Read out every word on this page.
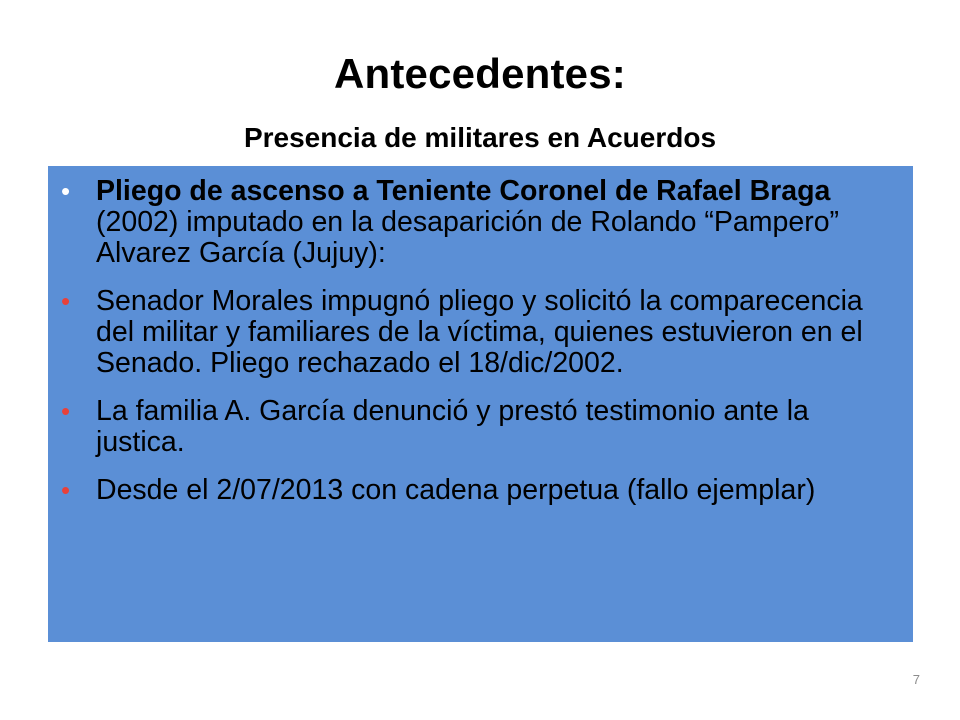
Antecedentes:
Presencia de militares en Acuerdos
• Pliego de ascenso a Teniente Coronel de Rafael Braga (2002) imputado en la desaparición de Rolando “Pampero” Alvarez García (Jujuy):
• Senador Morales impugnó pliego y solicitó la comparecencia del militar y familiares de la víctima, quienes estuvieron en el Senado. Pliego rechazado el 18/dic/2002.
• La familia A. García denunció y prestó testimonio ante la justica.
• Desde el 2/07/2013 con cadena perpetua (fallo ejemplar)
7
